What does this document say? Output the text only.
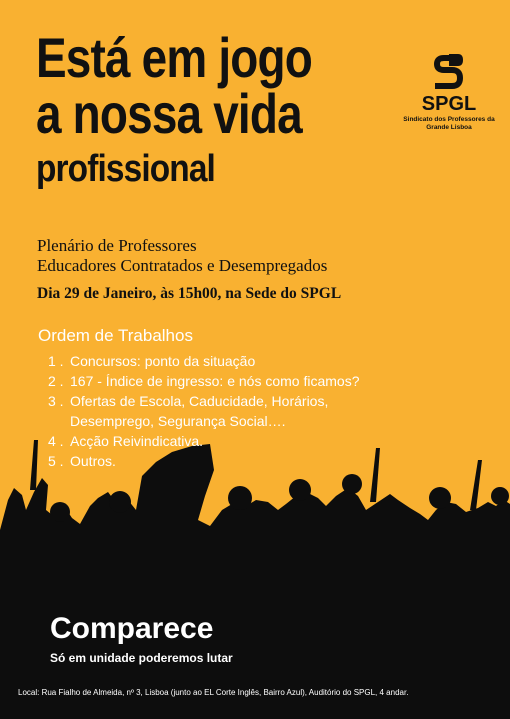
Está em jogo
a nossa vida
profissional
SPGL
Sindicato dos Professores da Grande Lisboa
Plenário de Professores
Educadores Contratados e Desempregados
Dia 29 de Janeiro, às 15h00, na Sede do SPGL
Ordem de Trabalhos
1 . Concursos: ponto da situação
2 . 167 - Índice de ingresso: e nós como ficamos?
3 . Ofertas de Escola, Caducidade, Horários,
Desemprego, Segurança Social….
4 . Acção Reivindicativa.
5 . Outros.
Comparece
Só em unidade poderemos lutar
Local: Rua Fialho de Almeida, nº 3, Lisboa (junto ao EL Corte Inglês, Bairro Azul), Auditório do SPGL, 4 andar.
